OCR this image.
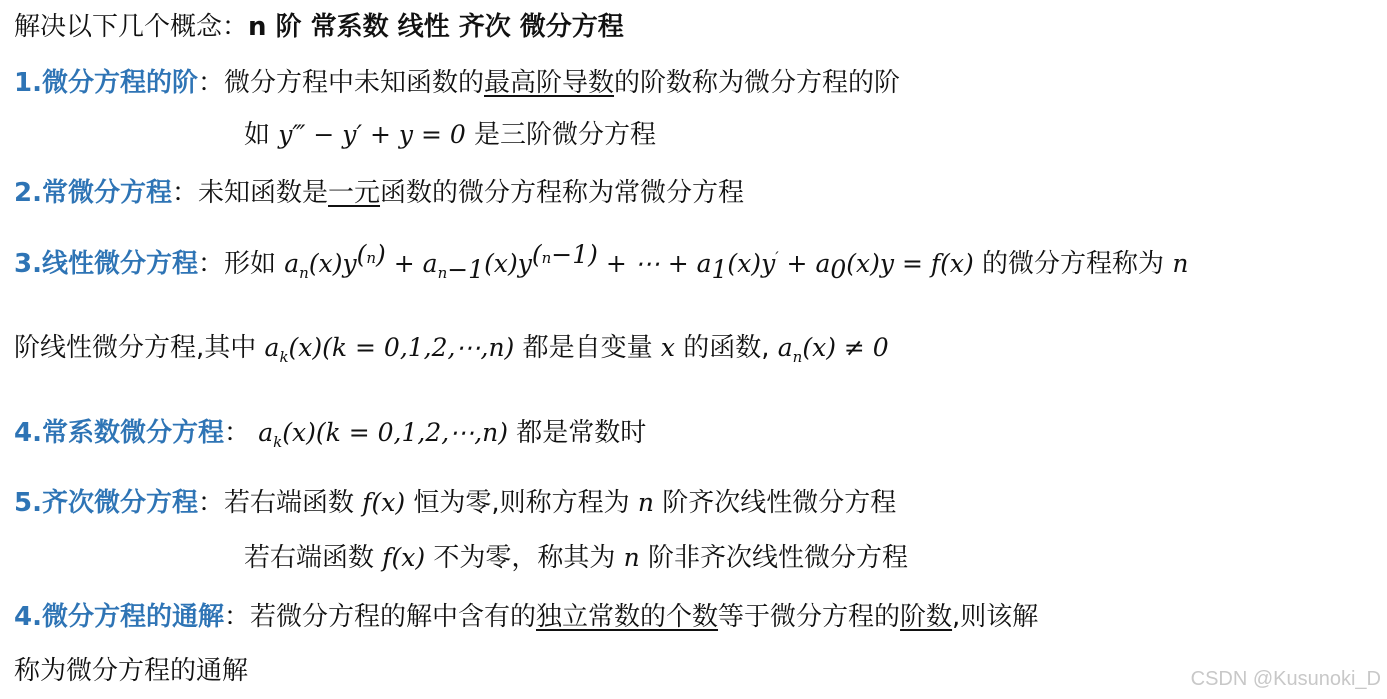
解决以下几个概念：n 阶 常系数 线性 齐次 微分方程
1.微分方程的阶：微分方程中未知函数的最高阶导数的阶数称为微分方程的阶
如 y‴ − y′ + y = 0 是三阶微分方程
2.常微分方程：未知函数是一元函数的微分方程称为常微分方程
3.线性微分方程：形如 $a_n(x)y^{(n)} + a_{n-1}(x)y^{(n-1)}$ + ⋯ + $a_1(x)y' + a_0(x)y = f(x)$ 的微分方程称为 n
阶线性微分方程,其中 $a_k(x)(k$ = 0,1,2,⋯,n) 都是自变量 x 的函数, $a_n(x) \ne 0$
4.常系数微分方程： $a_k(x)(k$ = 0,1,2,⋯,n) 都是常数时
5.齐次微分方程：若右端函数 f(x) 恒为零,则称方程为 n 阶齐次线性微分方程
若右端函数 f(x) 不为零，称其为 n 阶非齐次线性微分方程
4.微分方程的通解：若微分方程的解中含有的独立常数的个数等于微分方程的阶数,则该解
称为微分方程的通解	CSDN @Kusunoki_D
